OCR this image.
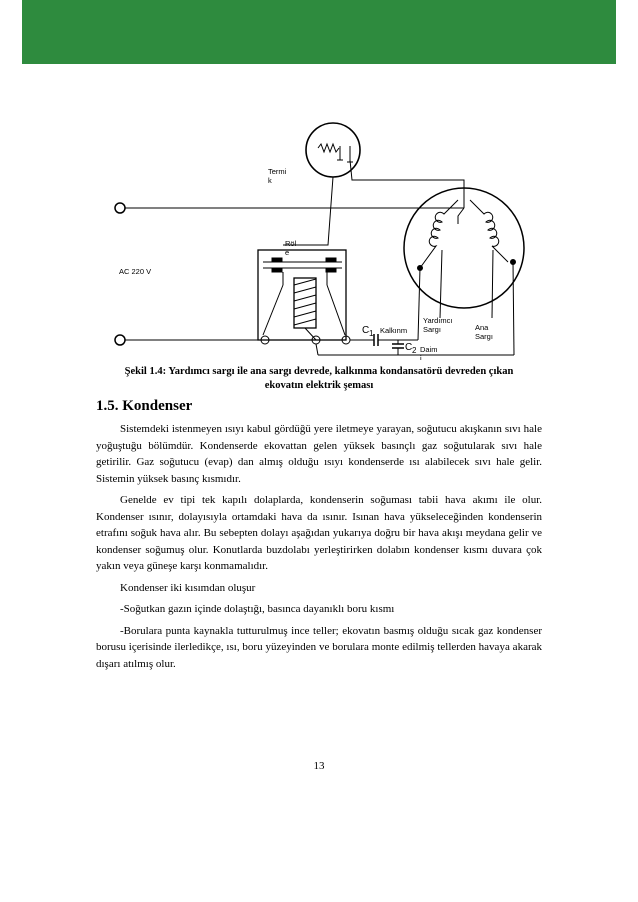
Termi
k
Röl
e
AC 220 V
C 1 Kalkınm
C 2 Daim
i
Yardımcı
Sargı	Ana
Sargı
Şekil 1.4: Yardımcı sargı ile ana sargı devrede, kalkınma kondansatörü devreden çıkan
ekovatın elektrik şeması
1.5. Kondenser

Sistemdeki istenmeyen ısıyı kabul gördüğü yere iletmeye yarayan, soğutucu akışkanın sıvı hale yoğuştuğu bölümdür. Kondenserde ekovattan gelen yüksek basınçlı gaz soğutularak sıvı hale getirilir. Gaz soğutucu (evap) dan almış olduğu ısıyı kondenserde ısı alabilecek sıvı hale gelir. Sistemin yüksek basınç kısmıdır.

Genelde ev tipi tek kapılı dolaplarda, kondenserin soğuması tabii hava akımı ile olur. Kondenser ısınır, dolayısıyla ortamdaki hava da ısınır. Isınan hava yükseleceğinden kondenserin etrafını soğuk hava alır. Bu sebepten dolayı aşağıdan yukarıya doğru bir hava akışı meydana gelir ve kondenser soğumuş olur. Konutlarda buzdolabı yerleştirirken dolabın kondenser kısmı duvara çok yakın veya güneşe karşı konmamalıdır.

Kondenser iki kısımdan oluşur

-Soğutkan gazın içinde dolaştığı, basınca dayanıklı boru kısmı

-Borulara punta kaynakla tutturulmuş ince teller; ekovatın basmış olduğu sıcak gaz kondenser borusu içerisinde ilerledikçe, ısı, boru yüzeyinden ve borulara monte edilmiş tellerden havaya akarak dışarı atılmış olur.

13
